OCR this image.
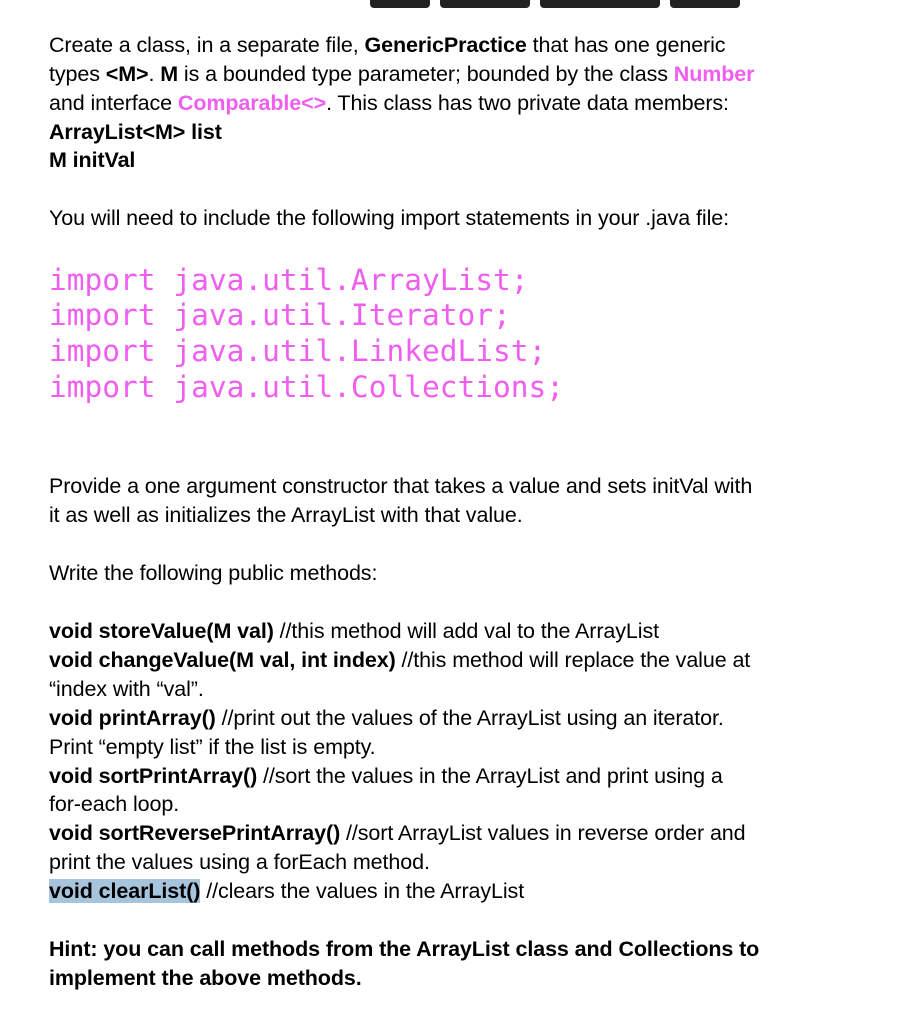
Create a class, in a separate file, GenericPractice that has one generic
types <M>. M is a bounded type parameter; bounded by the class Number
and interface Comparable<>. This class has two private data members:
ArrayList<M> list
M initVal
You will need to include the following import statements in your .java file:
import java.util.ArrayList;
import java.util.Iterator;
import java.util.LinkedList;
import java.util.Collections;
Provide a one argument constructor that takes a value and sets initVal with
it as well as initializes the ArrayList with that value.
Write the following public methods:
void storeValue(M val) //this method will add val to the ArrayList
void changeValue(M val, int index) //this method will replace the value at
“index with “val”.
void printArray() //print out the values of the ArrayList using an iterator.
Print “empty list” if the list is empty.
void sortPrintArray() //sort the values in the ArrayList and print using a
for-each loop.
void sortReversePrintArray() //sort ArrayList values in reverse order and
print the values using a forEach method.
void clearList() //clears the values in the ArrayList
Hint: you can call methods from the ArrayList class and Collections to
implement the above methods.
